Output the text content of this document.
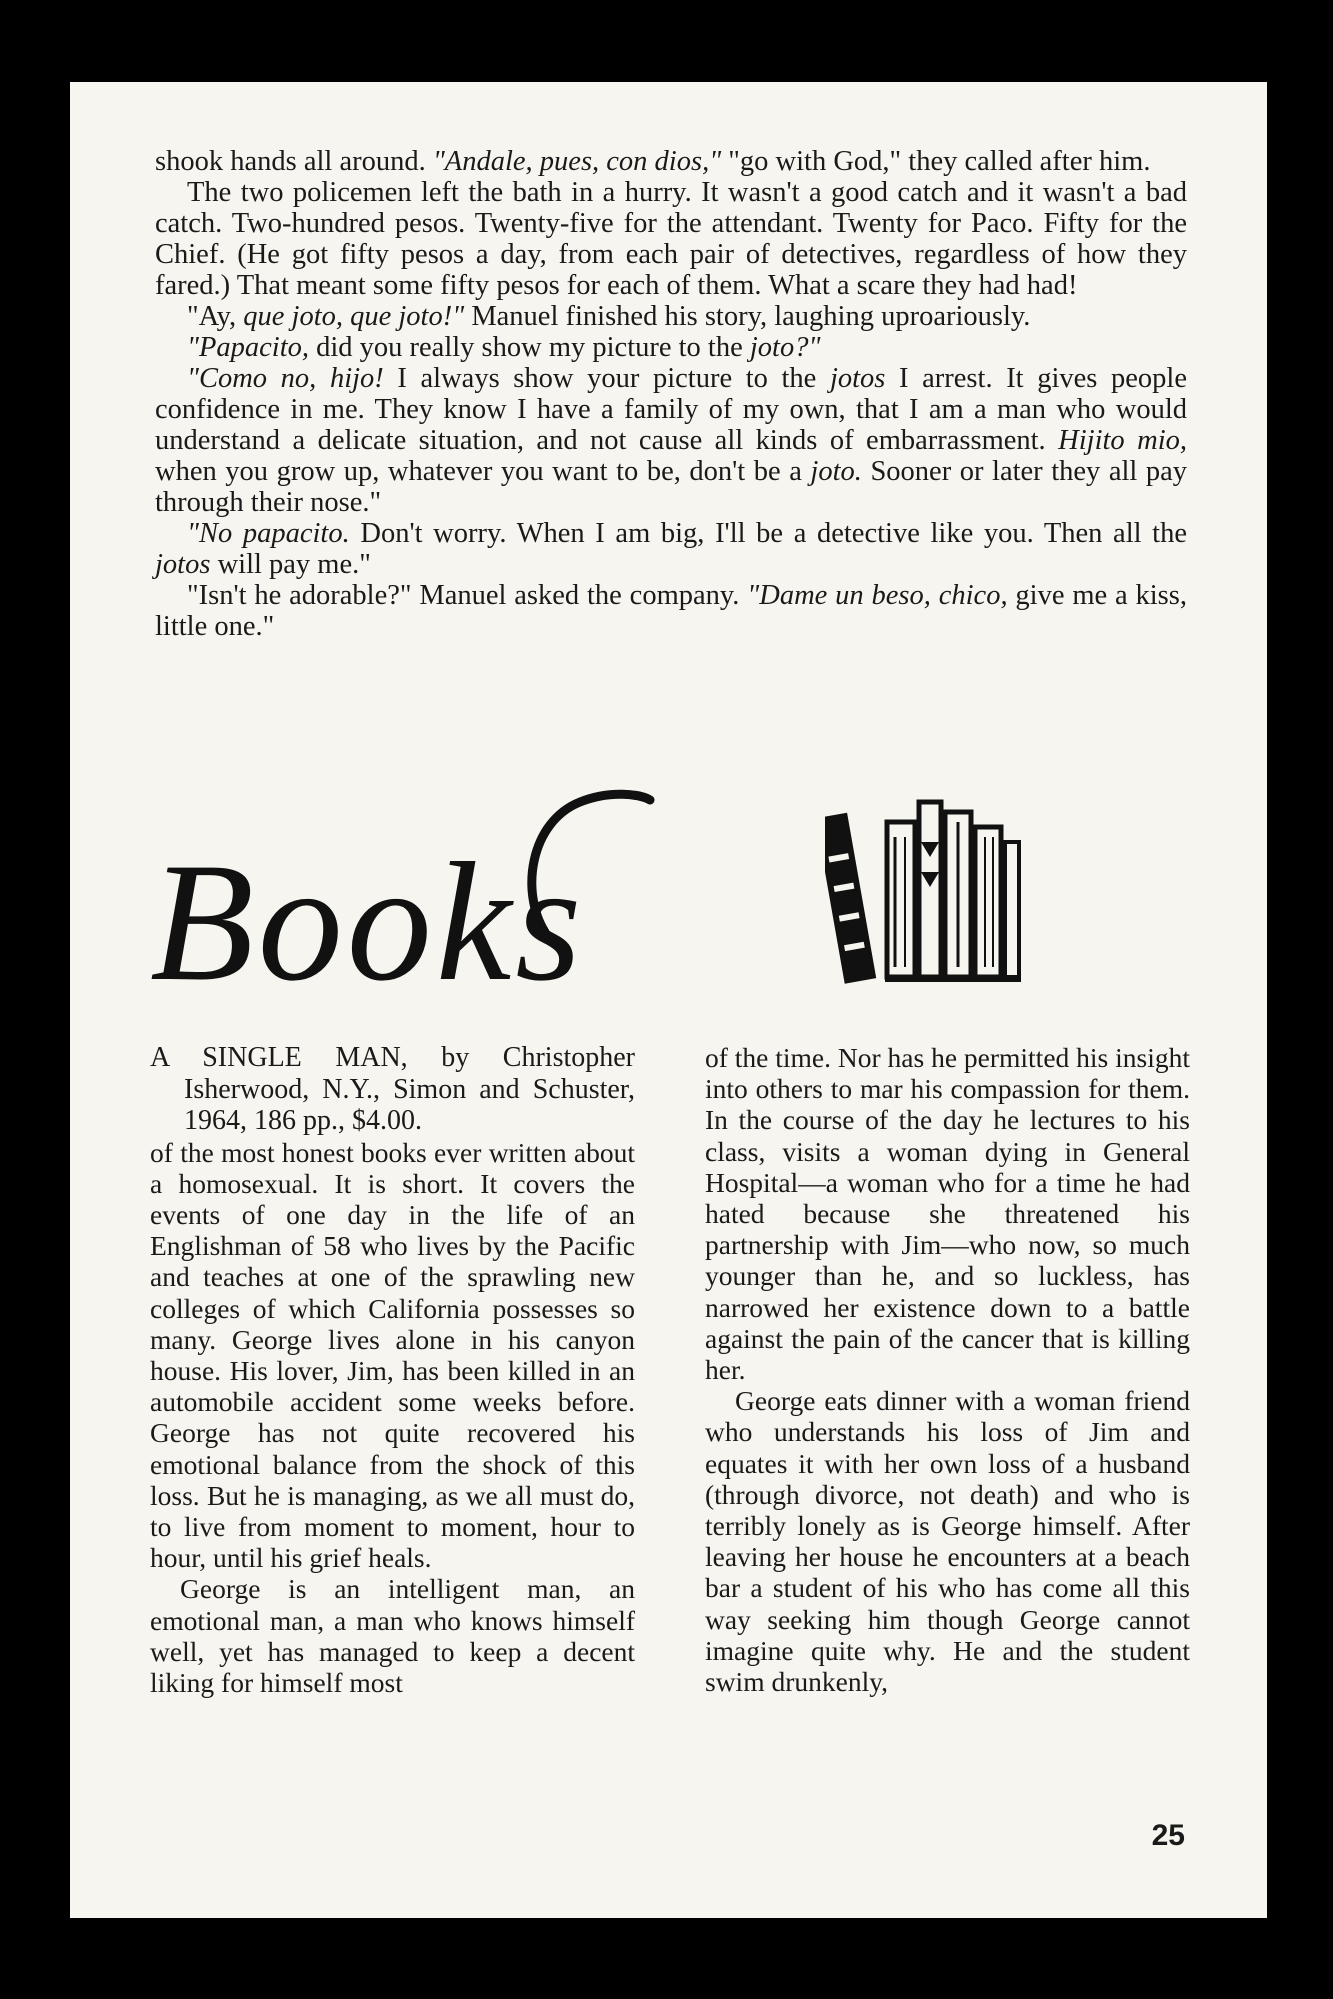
shook hands all around. "Andale, pues, con dios," "go with God," they called after him.

The two policemen left the bath in a hurry. It wasn't a good catch and it wasn't a bad catch. Two-hundred pesos. Twenty-five for the attendant. Twenty for Paco. Fifty for the Chief. (He got fifty pesos a day, from each pair of detectives, regardless of how they fared.) That meant some fifty pesos for each of them. What a scare they had had!

"Ay, que joto, que joto!" Manuel finished his story, laughing uproariously.

"Papacito, did you really show my picture to the joto?"

"Como no, hijo! I always show your picture to the jotos I arrest. It gives people confidence in me. They know I have a family of my own, that I am a man who would understand a delicate situation, and not cause all kinds of embarrassment. Hijito mio, when you grow up, whatever you want to be, don't be a joto. Sooner or later they all pay through their nose."

"No papacito. Don't worry. When I am big, I'll be a detective like you. Then all the jotos will pay me."

"Isn't he adorable?" Manuel asked the company. "Dame un beso, chico, give me a kiss, little one."

Books

A SINGLE MAN, by Christopher Isherwood, N.Y., Simon and Schuster, 1964, 186 pp., $4.00.

of the most honest books ever written about a homosexual. It is short. It covers the events of one day in the life of an Englishman of 58 who lives by the Pacific and teaches at one of the sprawling new colleges of which California possesses so many. George lives alone in his canyon house. His lover, Jim, has been killed in an automobile accident some weeks before. George has not quite recovered his emotional balance from the shock of this loss. But he is managing, as we all must do, to live from moment to moment, hour to hour, until his grief heals.

George is an intelligent man, an emotional man, a man who knows himself well, yet has managed to keep a decent liking for himself most

of the time. Nor has he permitted his insight into others to mar his compassion for them. In the course of the day he lectures to his class, visits a woman dying in General Hospital—a woman who for a time he had hated because she threatened his partnership with Jim—who now, so much younger than he, and so luckless, has narrowed her existence down to a battle against the pain of the cancer that is killing her.

George eats dinner with a woman friend who understands his loss of Jim and equates it with her own loss of a husband (through divorce, not death) and who is terribly lonely as is George himself. After leaving her house he encounters at a beach bar a student of his who has come all this way seeking him though George cannot imagine quite why. He and the student swim drunkenly,

25
